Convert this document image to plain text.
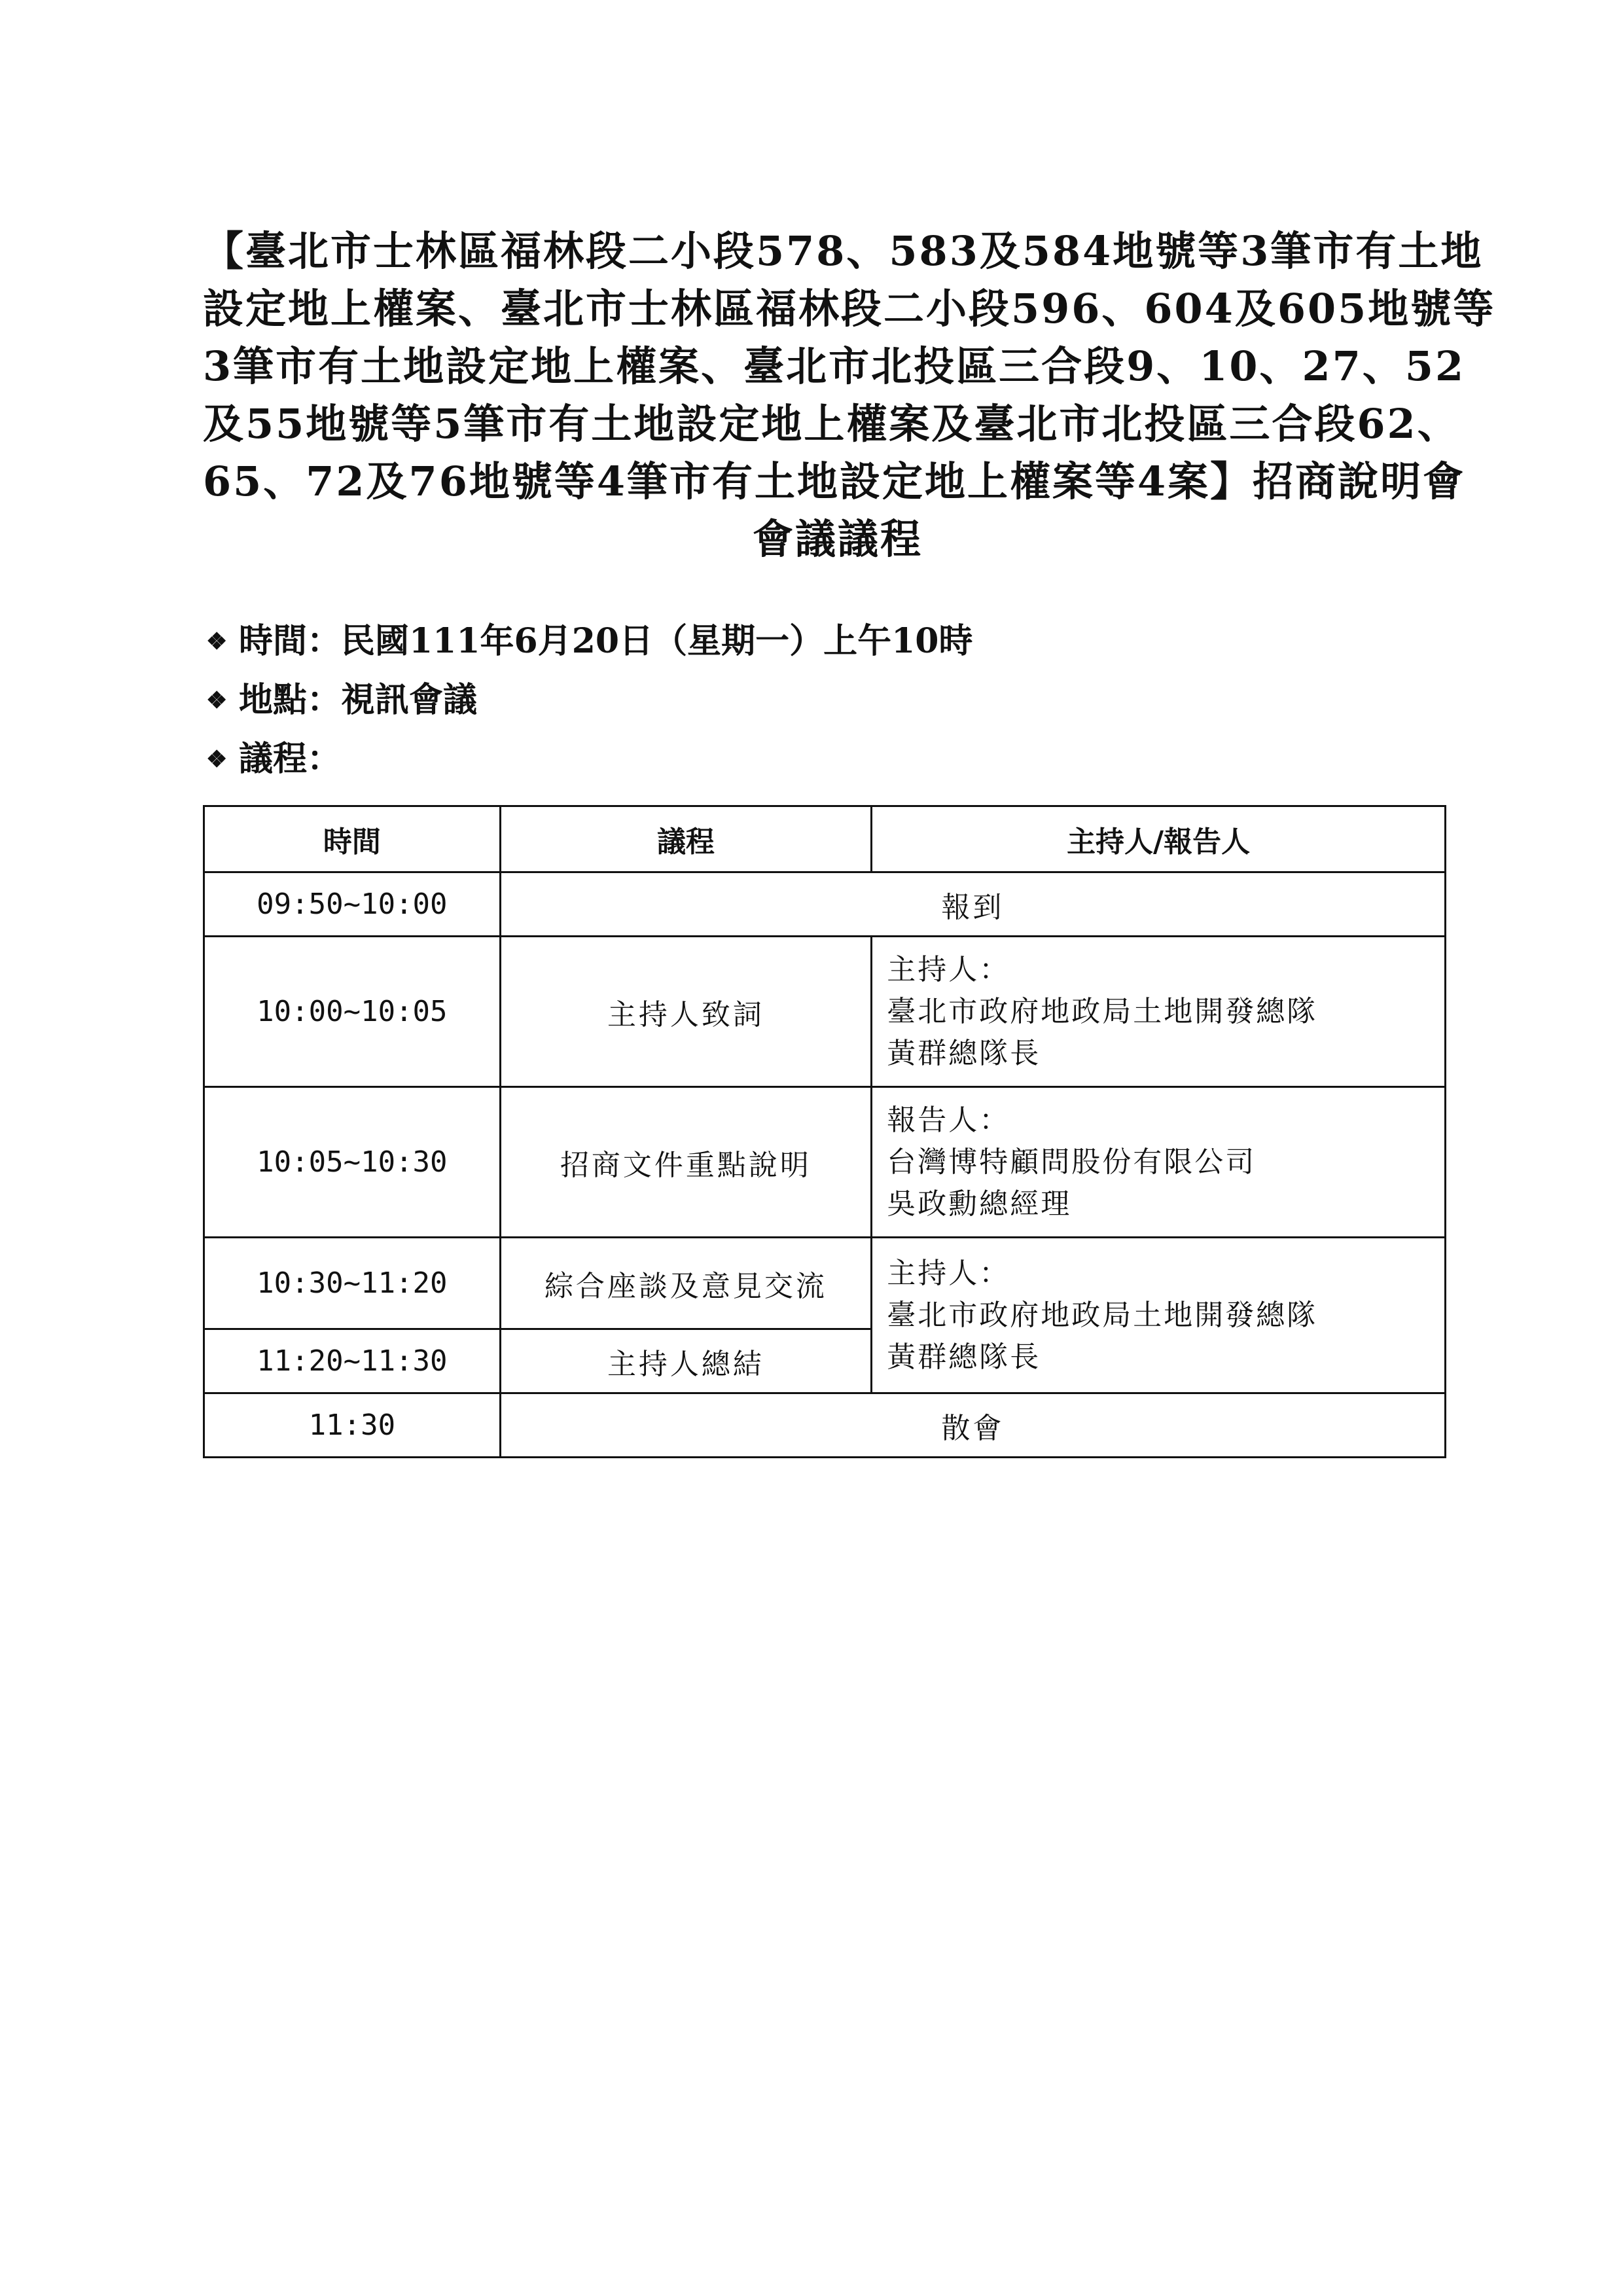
【臺北市士林區福林段二小段578、583及584地號等3筆市有土地
設定地上權案、臺北市士林區福林段二小段596、604及605地號等
3筆市有土地設定地上權案、臺北市北投區三合段9、10、27、52
及55地號等5筆市有土地設定地上權案及臺北市北投區三合段62、
65、72及76地號等4筆市有土地設定地上權案等4案】招商說明會
會議議程
❖ 時間：民國111年6月20日（星期一）上午10時
❖ 地點：視訊會議
❖ 議程：
時間	議程	主持人/報告人
09:50~10:00	報到	
10:00~10:05	主持人致詞	主持人：
臺北市政府地政局土地開發總隊
黃群總隊長

10:05~10:30	招商文件重點說明	報告人：
台灣博特顧問股份有限公司
吳政勳總經理

10:30~11:20	綜合座談及意見交流	主持人：
臺北市政府地政局土地開發總隊
黃群總隊長

11:20~11:30	主持人總結	
11:30	散會	
